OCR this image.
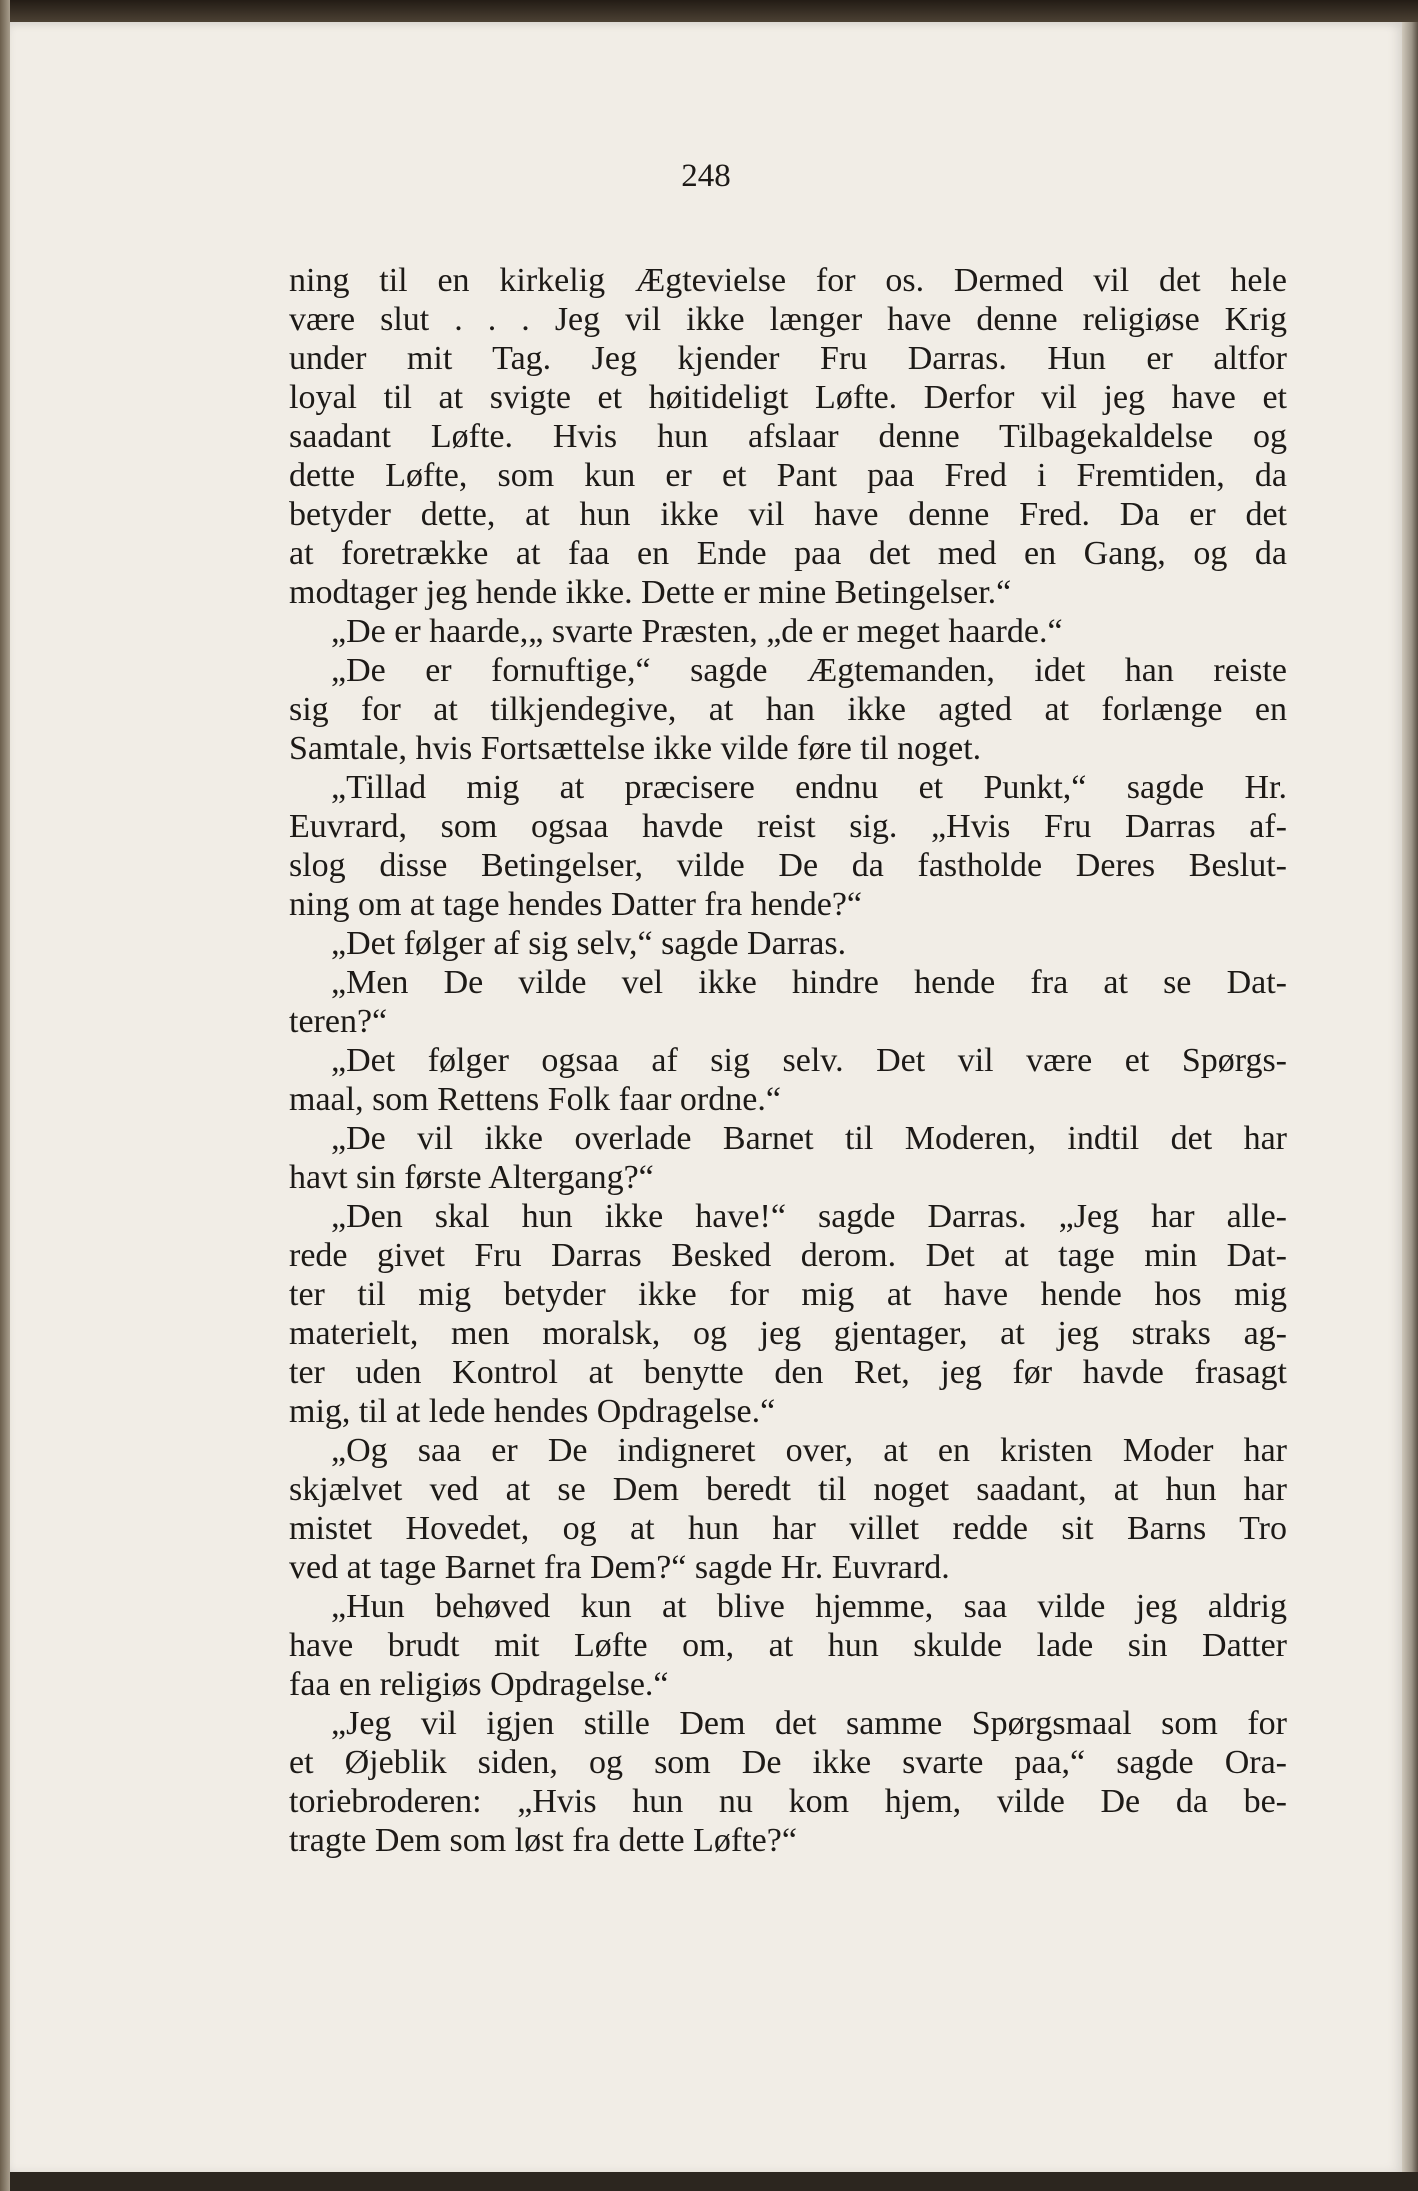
248
ning til en kirkelig Ægtevielse for os. Dermed vil det hele
være slut . . . Jeg vil ikke længer have denne religiøse Krig
under mit Tag. Jeg kjender Fru Darras. Hun er altfor
loyal til at svigte et høitideligt Løfte. Derfor vil jeg have et
saadant Løfte. Hvis hun afslaar denne Tilbagekaldelse og
dette Løfte, som kun er et Pant paa Fred i Fremtiden, da
betyder dette, at hun ikke vil have denne Fred. Da er det
at foretrække at faa en Ende paa det med en Gang, og da
modtager jeg hende ikke. Dette er mine Betingelser.“
„De er haarde,„ svarte Præsten, „de er meget haarde.“
„De er fornuftige,“ sagde Ægtemanden, idet han reiste
sig for at tilkjendegive, at han ikke agted at forlænge en
Samtale, hvis Fortsættelse ikke vilde føre til noget.
„Tillad mig at præcisere endnu et Punkt,“ sagde Hr.
Euvrard, som ogsaa havde reist sig. „Hvis Fru Darras af-
slog disse Betingelser, vilde De da fastholde Deres Beslut-
ning om at tage hendes Datter fra hende?“
„Det følger af sig selv,“ sagde Darras.
„Men De vilde vel ikke hindre hende fra at se Dat-
teren?“
„Det følger ogsaa af sig selv. Det vil være et Spørgs-
maal, som Rettens Folk faar ordne.“
„De vil ikke overlade Barnet til Moderen, indtil det har
havt sin første Altergang?“
„Den skal hun ikke have!“ sagde Darras. „Jeg har alle-
rede givet Fru Darras Besked derom. Det at tage min Dat-
ter til mig betyder ikke for mig at have hende hos mig
materielt, men moralsk, og jeg gjentager, at jeg straks ag-
ter uden Kontrol at benytte den Ret, jeg før havde frasagt
mig, til at lede hendes Opdragelse.“
„Og saa er De indigneret over, at en kristen Moder har
skjælvet ved at se Dem beredt til noget saadant, at hun har
mistet Hovedet, og at hun har villet redde sit Barns Tro
ved at tage Barnet fra Dem?“ sagde Hr. Euvrard.
„Hun behøved kun at blive hjemme, saa vilde jeg aldrig
have brudt mit Løfte om, at hun skulde lade sin Datter
faa en religiøs Opdragelse.“
„Jeg vil igjen stille Dem det samme Spørgsmaal som for
et Øjeblik siden, og som De ikke svarte paa,“ sagde Ora-
toriebroderen: „Hvis hun nu kom hjem, vilde De da be-
tragte Dem som løst fra dette Løfte?“
